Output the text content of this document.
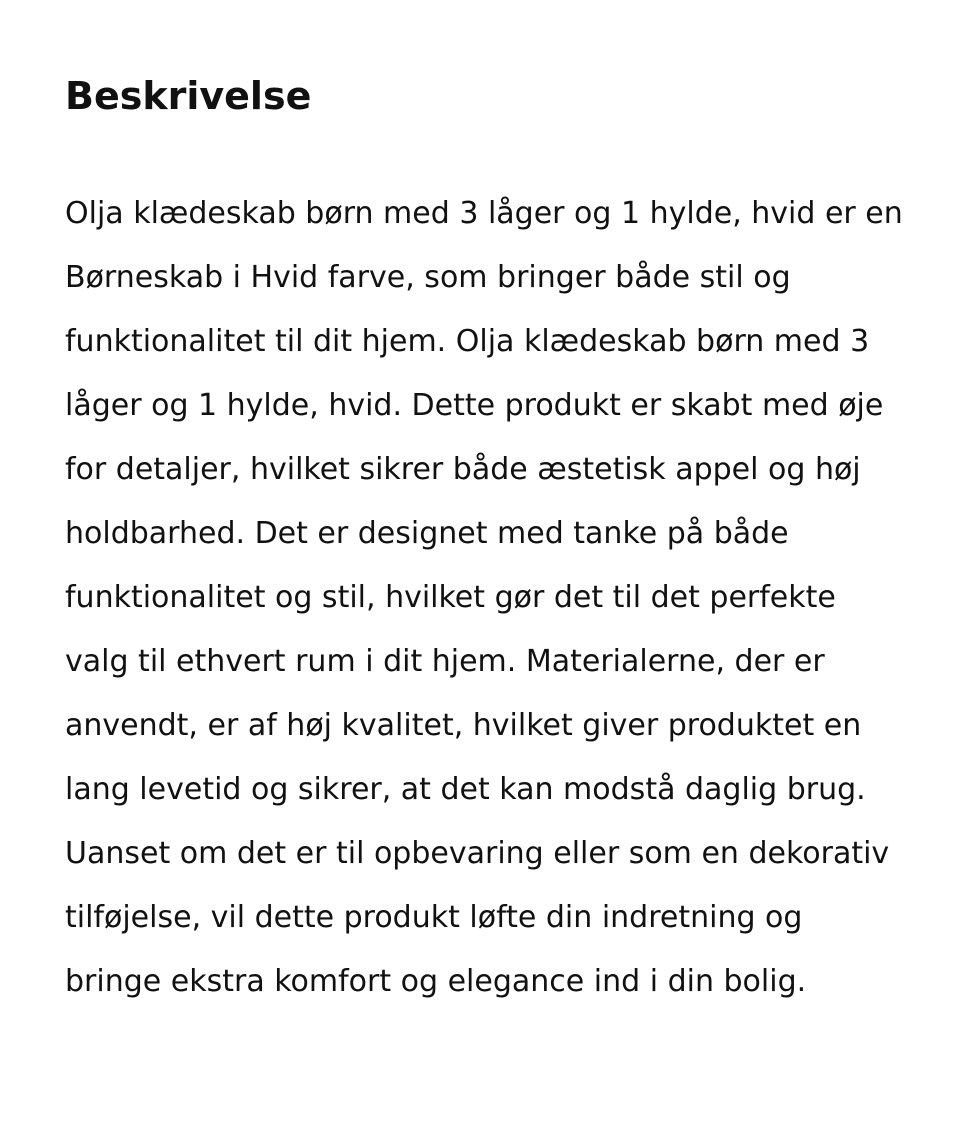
Beskrivelse

Olja klædeskab børn med 3 låger og 1 hylde, hvid er en Børneskab i Hvid farve, som bringer både stil og funktionalitet til dit hjem. Olja klædeskab børn med 3 låger og 1 hylde, hvid. Dette produkt er skabt med øje for detaljer, hvilket sikrer både æstetisk appel og høj holdbarhed. Det er designet med tanke på både funktionalitet og stil, hvilket gør det til det perfekte valg til ethvert rum i dit hjem. Materialerne, der er anvendt, er af høj kvalitet, hvilket giver produktet en lang levetid og sikrer, at det kan modstå daglig brug. Uanset om det er til opbevaring eller som en dekorativ tilføjelse, vil dette produkt løfte din indretning og bringe ekstra komfort og elegance ind i din bolig.
